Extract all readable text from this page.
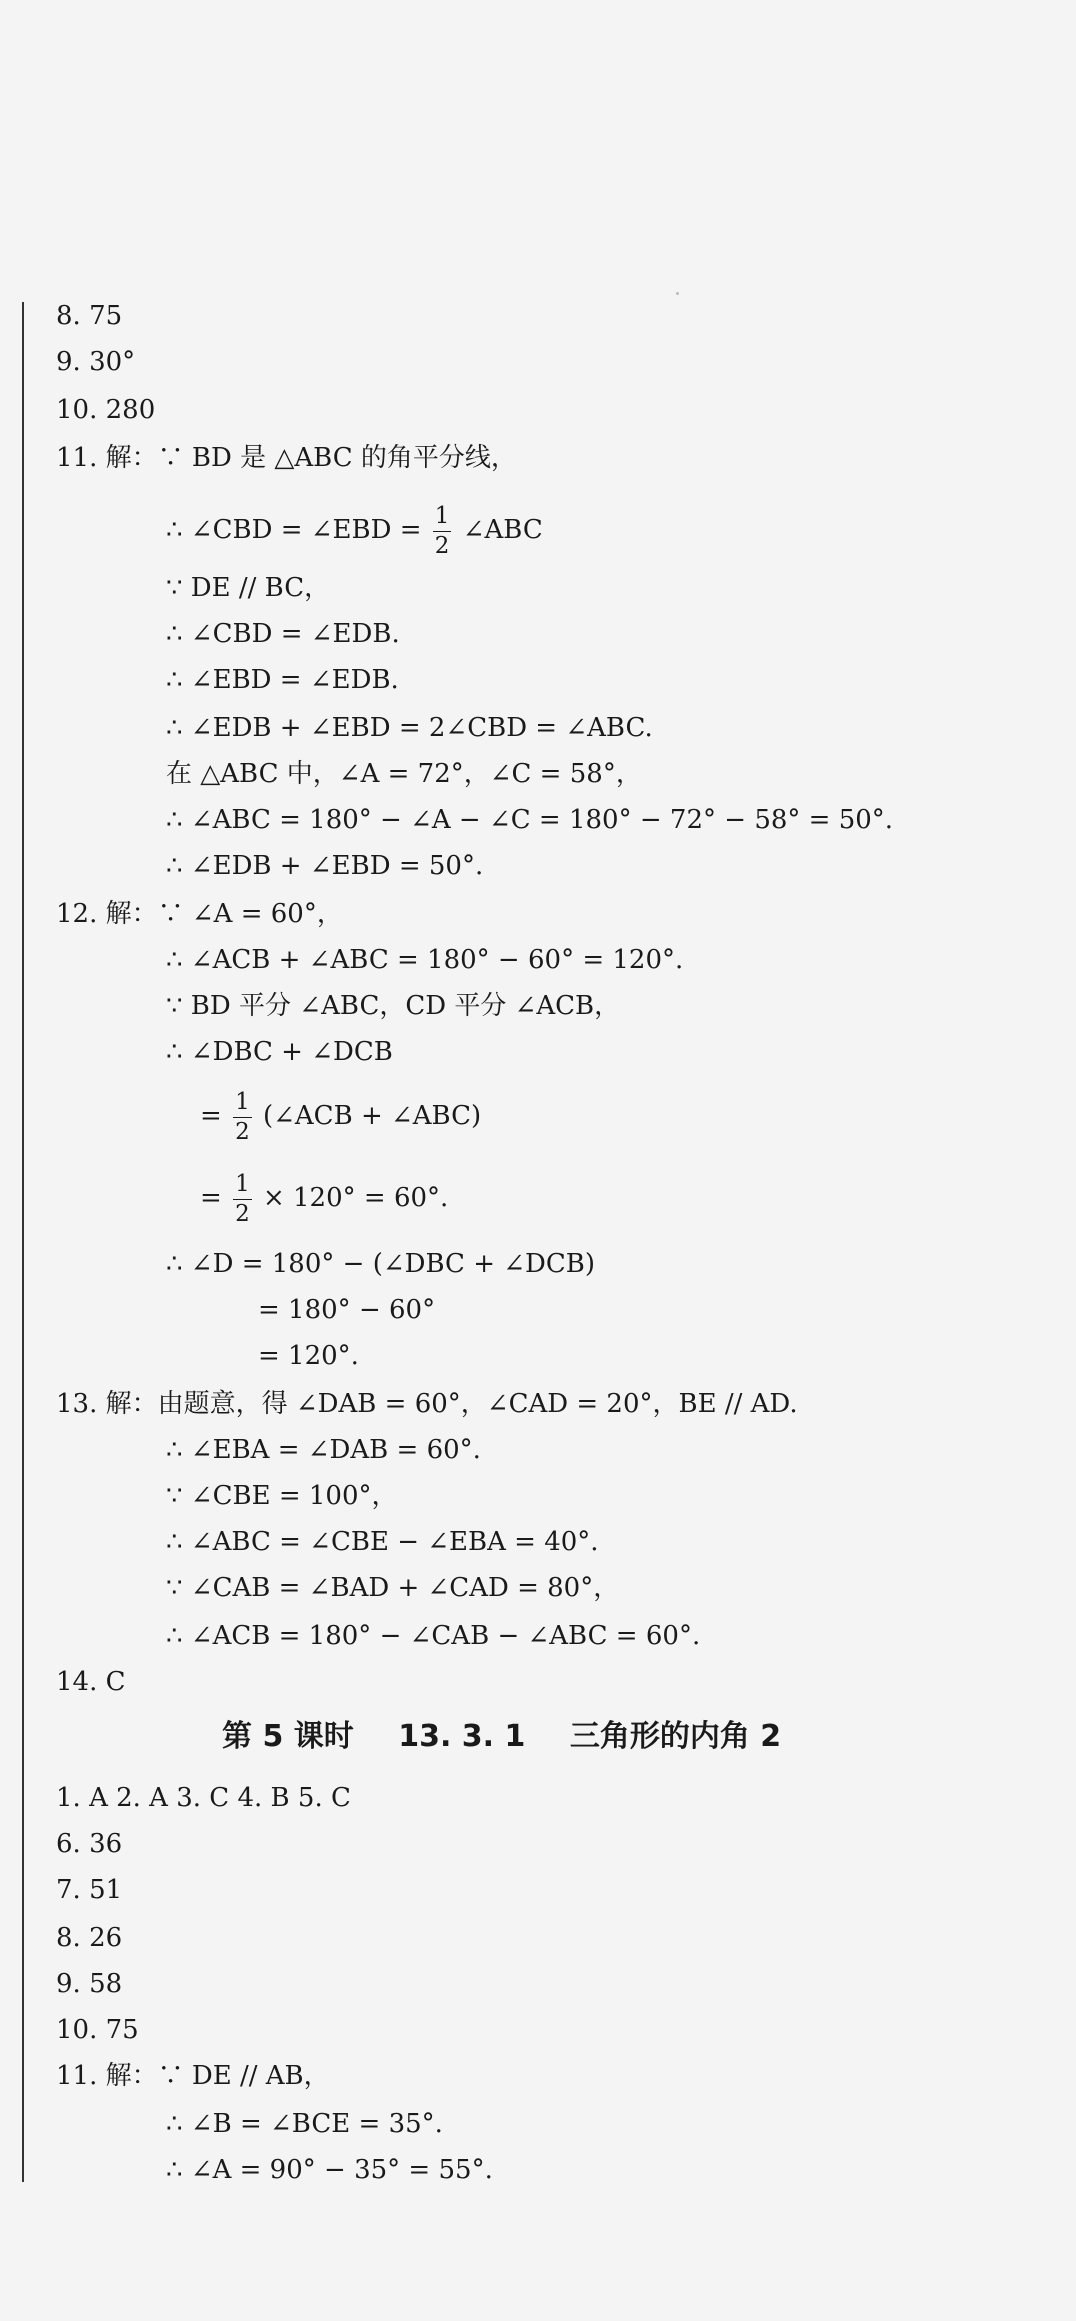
8. 75
9. 30°
10. 280
11. 解：∵ BD 是 △ABC 的角平分线，
∴ ∠CBD = ∠EBD = $\frac{1}{2}$ ∠ABC
∵ DE // BC，
∴ ∠CBD = ∠EDB.
∴ ∠EBD = ∠EDB.
∴ ∠EDB + ∠EBD = 2∠CBD = ∠ABC.
在 △ABC 中，∠A = 72°，∠C = 58°，
∴ ∠ABC = 180° − ∠A − ∠C = 180° − 72° − 58° = 50°.
∴ ∠EDB + ∠EBD = 50°.
12. 解：∵ ∠A = 60°，
∴ ∠ACB + ∠ABC = 180° − 60° = 120°.
∵ BD 平分 ∠ABC，CD 平分 ∠ACB，
∴ ∠DBC + ∠DCB
= $\frac{1}{2}$ (∠ACB + ∠ABC)
= $\frac{1}{2} \times 120^\circ = 60^\circ$.
∴ ∠D = 180° − (∠DBC + ∠DCB)
= 180° − 60°
= 120°.
13. 解：由题意，得 ∠DAB = 60°，∠CAD = 20°，BE // AD.
∴ ∠EBA = ∠DAB = 60°.
∵ ∠CBE = 100°，
∴ ∠ABC = ∠CBE − ∠EBA = 40°.
∵ ∠CAB = ∠BAD + ∠CAD = 80°，
∴ ∠ACB = 180° − ∠CAB − ∠ABC = 60°.
14. C
第 5 课时 13. 3. 1 三角形的内角 2
1. A 2. A 3. C 4. B 5. C
6. 36
7. 51
8. 26
9. 58
10. 75
11. 解：∵ DE // AB，
∴ ∠B = ∠BCE = 35°.
∴ ∠A = 90° − 35° = 55°.
